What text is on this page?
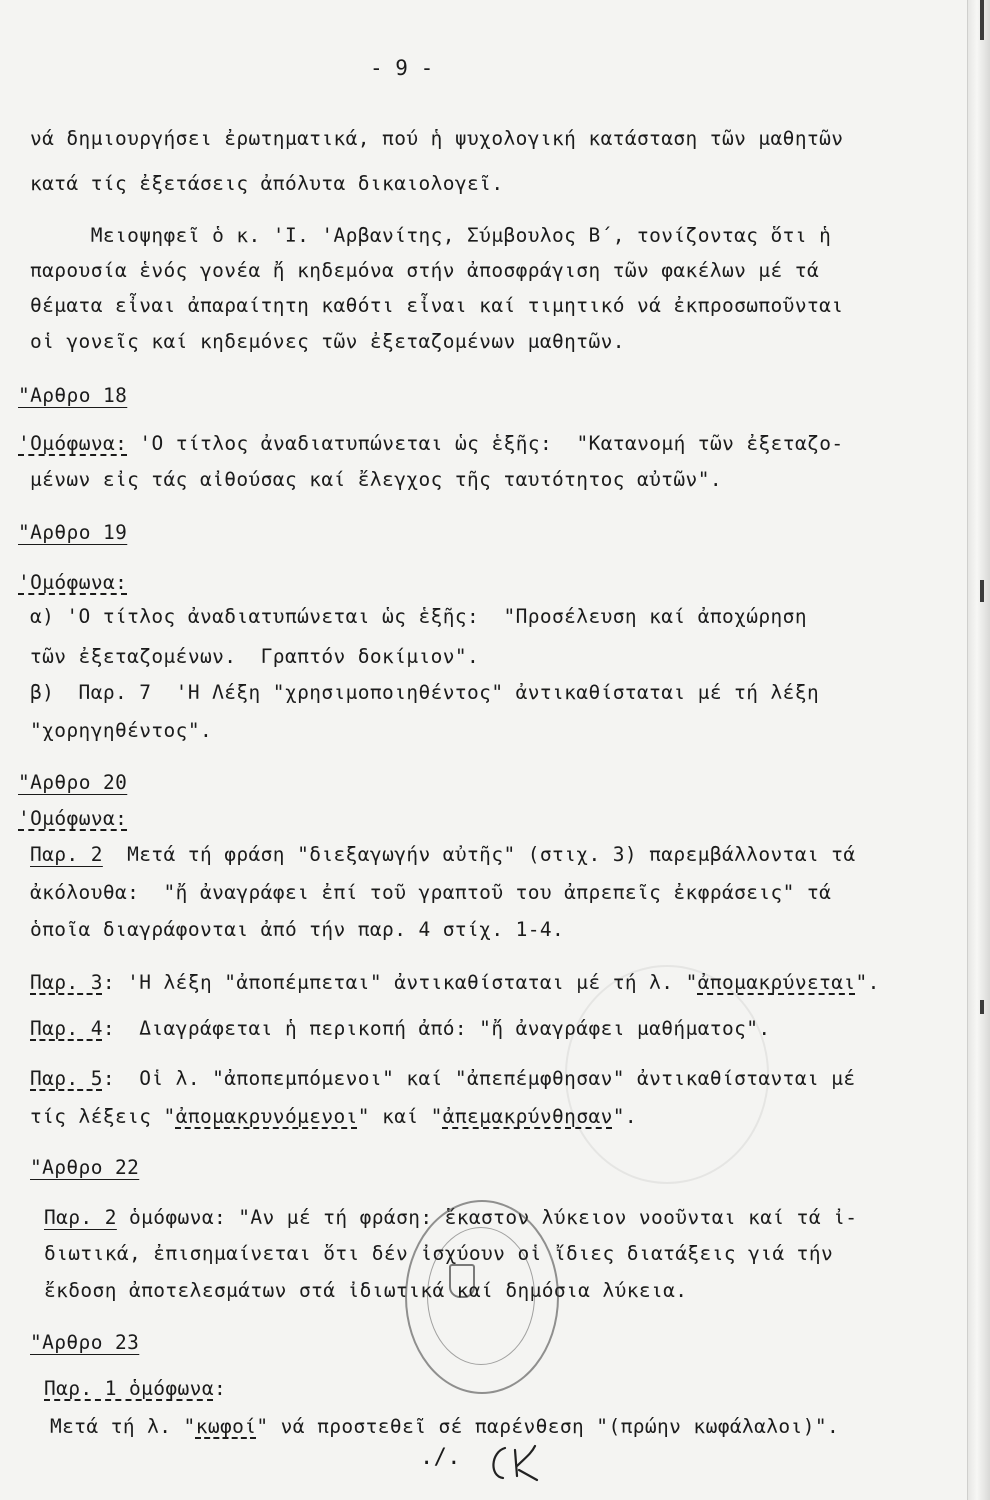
- 9 -
νά δημιουργήσει ἐρωτηματικά, πού ἡ ψυχολογική κατάσταση τῶν μαθητῶν
κατά τίς ἐξετάσεις ἀπόλυτα δικαιολογεῖ.
Μειοψηφεῖ ὁ κ. 'Ι. 'Αρβανίτης, Σύμβουλος Β΄, τονίζοντας ὅτι ἡ
παρουσία ἑνός γονέα ἤ κηδεμόνα στήν ἀποσφράγιση τῶν φακέλων μέ τά
θέματα εἶναι ἀπαραίτητη καθότι εἶναι καί τιμητικό νά ἐκπροσωποῦνται
οἱ γονεῖς καί κηδεμόνες τῶν ἐξεταζομένων μαθητῶν.
"Αρθρο 18
'Ομόφωνα: 'Ο τίτλος ἀναδιατυπώνεται ὡς ἑξῆς:  "Κατανομή τῶν ἐξεταζο-
μένων εἰς τάς αἰθούσας καί ἔλεγχος τῆς ταυτότητος αὐτῶν".
"Αρθρο 19
'Ομόφωνα:
α) 'Ο τίτλος ἀναδιατυπώνεται ὡς ἑξῆς:  "Προσέλευση καί ἀποχώρηση
τῶν ἐξεταζομένων.  Γραπτόν δοκίμιον".
β)  Παρ. 7  'Η Λέξη "χρησιμοποιηθέντος" ἀντικαθίσταται μέ τή λέξη
"χορηγηθέντος".
"Αρθρο 20
'Ομόφωνα:
Παρ. 2  Μετά τή φράση "διεξαγωγήν αὐτῆς" (στιχ. 3) παρεμβάλλονται τά
ἀκόλουθα:  "ἤ ἀναγράφει ἐπί τοῦ γραπτοῦ του ἀπρεπεῖς ἐκφράσεις" τά
ὁποῖα διαγράφονται ἀπό τήν παρ. 4 στίχ. 1-4.
Παρ. 3: 'Η λέξη "ἀποπέμπεται" ἀντικαθίσταται μέ τή λ. "ἀπομακρύνεται".
Παρ. 4:  Διαγράφεται ἡ περικοπή ἀπό: "ἤ ἀναγράφει μαθήματος".
Παρ. 5:  Οἱ λ. "ἀποπεμπόμενοι" καί "ἀπεπέμφθησαν" ἀντικαθίστανται μέ
τίς λέξεις "ἀπομακρυνόμενοι" καί "ἀπεμακρύνθησαν".
"Αρθρο 22
Παρ. 2 ὁμόφωνα: "Αν μέ τή φράση: ἕκαστον λύκειον νοοῦνται καί τά ἰ-
διωτικά, ἐπισημαίνεται ὅτι δέν ἰσχύουν οἱ ἴδιες διατάξεις γιά τήν
ἔκδοση ἀποτελεσμάτων στά ἰδιωτικά καί δημόσια λύκεια.
"Αρθρο 23
Παρ. 1 ὁμόφωνα:
Μετά τή λ. "κωφοί" νά προστεθεῖ σέ παρένθεση "(πρώην κωφάλαλοι)".
./.
